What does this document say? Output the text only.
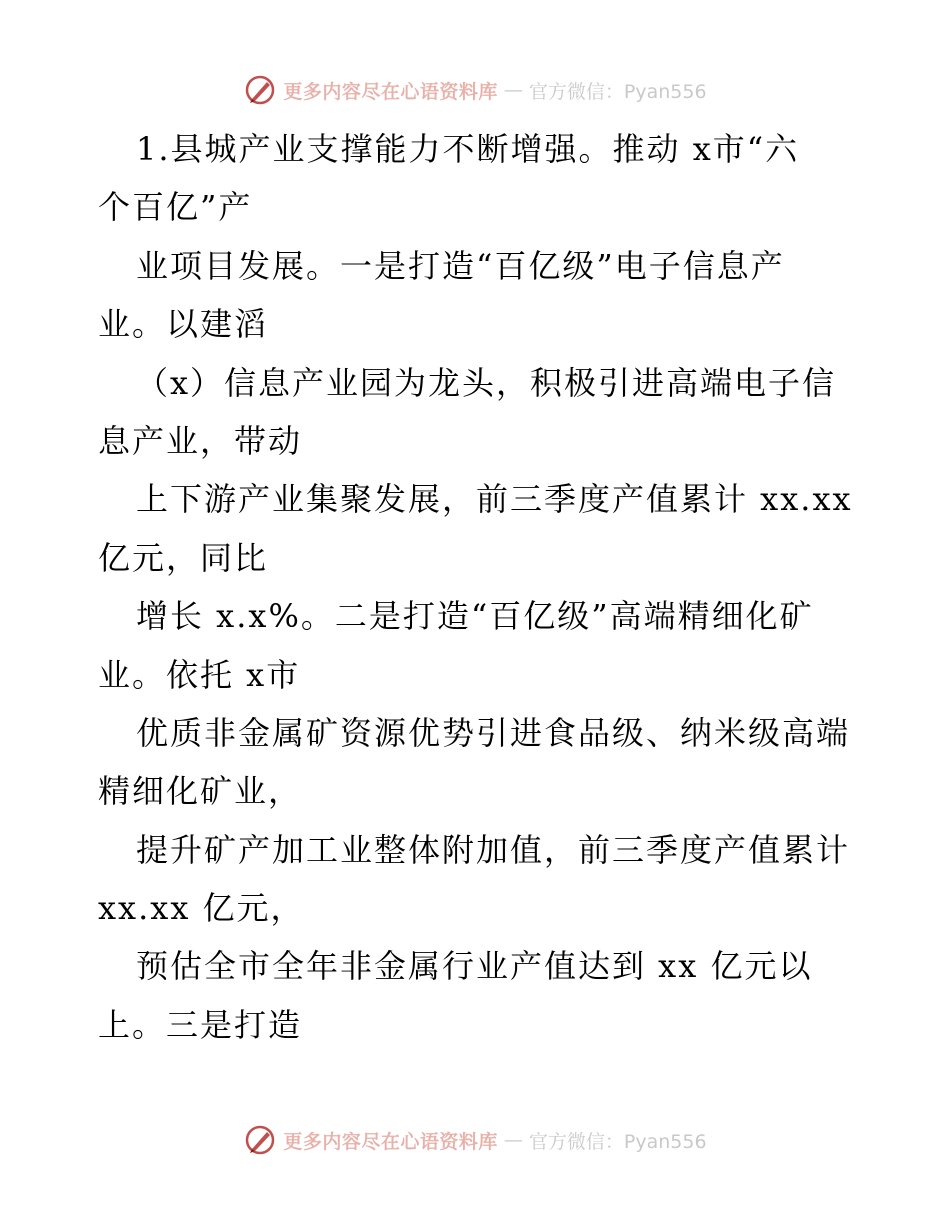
更多内容尽在心语资料库 — 官方微信：Pyan556
1.县城产业支撑能力不断增强。推动 x市“六
个百亿”产
业项目发展。一是打造“百亿级”电子信息产
业。以建滔
（x）信息产业园为龙头，积极引进高端电子信
息产业，带动
上下游产业集聚发展，前三季度产值累计 xx.xx
亿元，同比
增长 x.x%。二是打造“百亿级”高端精细化矿
业。依托 x市
优质非金属矿资源优势引进食品级、纳米级高端
精细化矿业，
提升矿产加工业整体附加值，前三季度产值累计
xx.xx 亿元，
预估全市全年非金属行业产值达到 xx 亿元以
上。三是打造
更多内容尽在心语资料库 — 官方微信：Pyan556
